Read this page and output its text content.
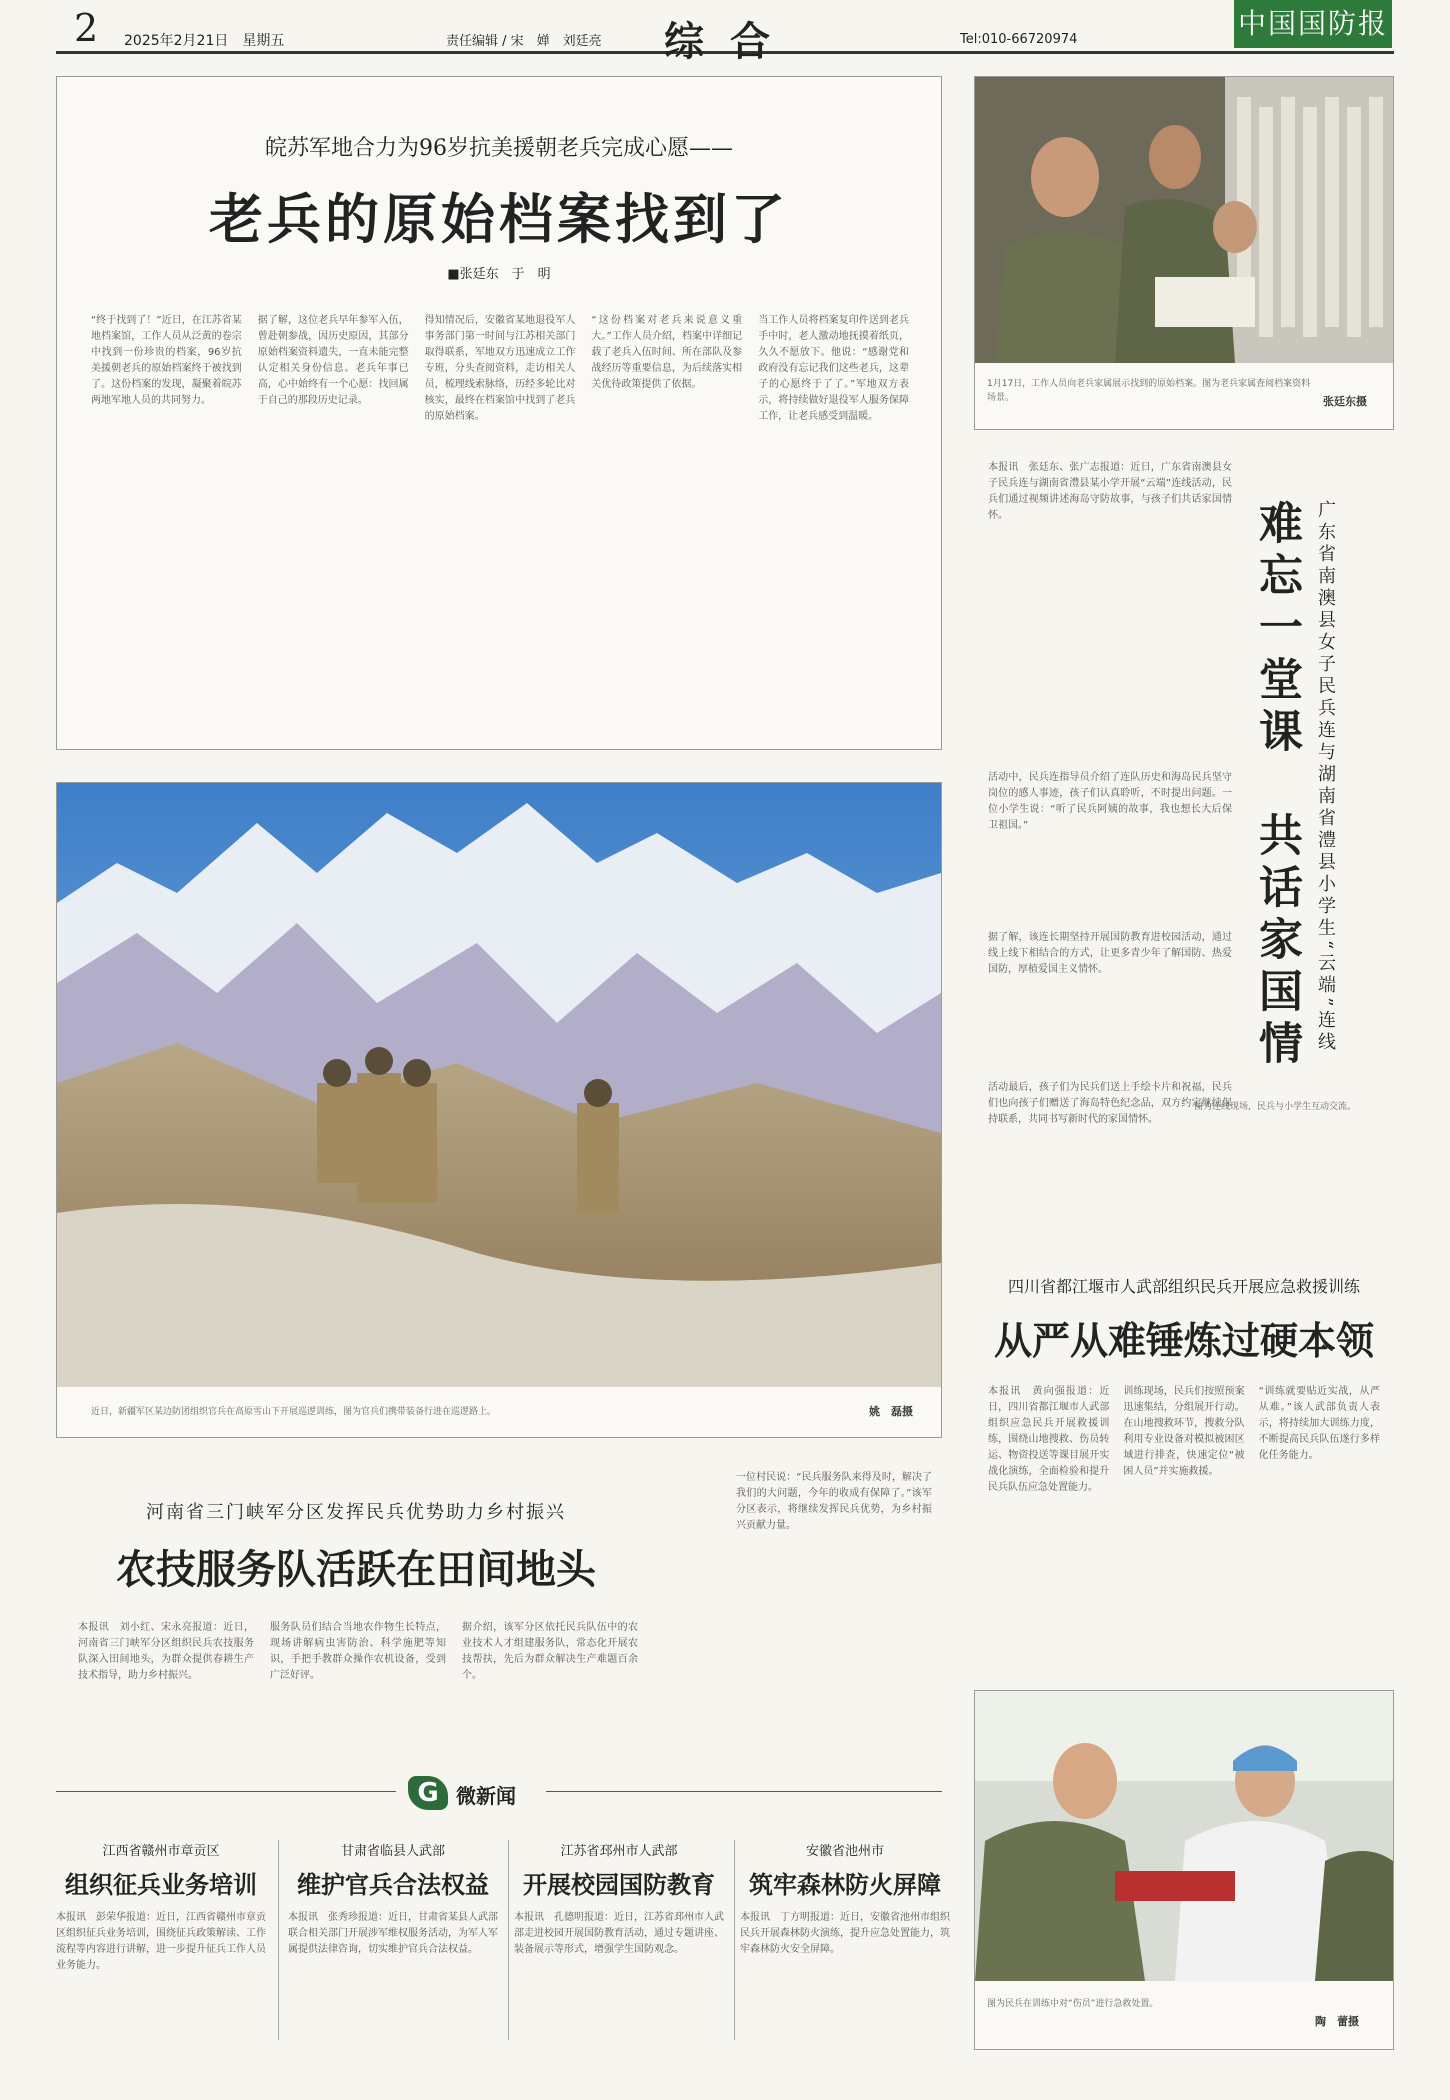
2 2025年2月21日　星期五	责任编辑 / 宋　婵　刘廷亮 综合	Tel:010-66720974	中国国防报
皖苏军地合力为96岁抗美援朝老兵完成心愿——
老兵的原始档案找到了
■张廷东　于　明
“终于找到了！”近日，在江苏省某地档案馆，工作人员从泛黄的卷宗中找到一份珍贵的档案，96岁抗美援朝老兵的原始档案终于被找到了。这份档案的发现，凝聚着皖苏两地军地人员的共同努力。
据了解，这位老兵早年参军入伍，曾赴朝参战，因历史原因，其部分原始档案资料遗失，一直未能完整认定相关身份信息。老兵年事已高，心中始终有一个心愿：找回属于自己的那段历史记录。
得知情况后，安徽省某地退役军人事务部门第一时间与江苏相关部门取得联系，军地双方迅速成立工作专班，分头查阅资料，走访相关人员，梳理线索脉络，历经多轮比对核实，最终在档案馆中找到了老兵的原始档案。
“这份档案对老兵来说意义重大。”工作人员介绍，档案中详细记载了老兵入伍时间、所在部队及参战经历等重要信息，为后续落实相关优待政策提供了依据。
当工作人员将档案复印件送到老兵手中时，老人激动地抚摸着纸页，久久不愿放下。他说：“感谢党和政府没有忘记我们这些老兵，这辈子的心愿终于了了。”军地双方表示，将持续做好退役军人服务保障工作，让老兵感受到温暖。
1月17日，工作人员向老兵家属展示找到的原始档案。图为老兵家属查阅档案资料场景。	张廷东摄
近日，新疆军区某边防团组织官兵在高原雪山下开展巡逻训练，图为官兵们携带装备行进在巡逻路上。	姚　磊摄
难忘一堂课　共话家国情 广东省南澳县女子民兵连与湖南省澧县小学生“云端”连线
本报讯　张廷东、张广志报道：近日，广东省南澳县女子民兵连与湖南省澧县某小学开展“云端”连线活动，民兵们通过视频讲述海岛守防故事，与孩子们共话家国情怀。
活动中，民兵连指导员介绍了连队历史和海岛民兵坚守岗位的感人事迹，孩子们认真聆听，不时提出问题。一位小学生说：“听了民兵阿姨的故事，我也想长大后保卫祖国。”
据了解，该连长期坚持开展国防教育进校园活动，通过线上线下相结合的方式，让更多青少年了解国防、热爱国防，厚植爱国主义情怀。
活动最后，孩子们为民兵们送上手绘卡片和祝福，民兵们也向孩子们赠送了海岛特色纪念品，双方约定继续保持联系，共同书写新时代的家国情怀。
图为连线现场，民兵与小学生互动交流。
四川省都江堰市人武部组织民兵开展应急救援训练
从严从难锤炼过硬本领
本报讯　黄向强报道：近日，四川省都江堰市人武部组织应急民兵开展救援训练，围绕山地搜救、伤员转运、物资投送等课目展开实战化演练，全面检验和提升民兵队伍应急处置能力。
训练现场，民兵们按照预案迅速集结，分组展开行动。在山地搜救环节，搜救分队利用专业设备对模拟被困区域进行排查，快速定位“被困人员”并实施救援。
“训练就要贴近实战，从严从难。”该人武部负责人表示，将持续加大训练力度，不断提高民兵队伍遂行多样化任务能力。
图为民兵在训练中对“伤员”进行急救处置。
陶　蕾摄
河南省三门峡军分区发挥民兵优势助力乡村振兴
农技服务队活跃在田间地头
本报讯　刘小红、宋永亮报道：近日，河南省三门峡军分区组织民兵农技服务队深入田间地头，为群众提供春耕生产技术指导，助力乡村振兴。
服务队员们结合当地农作物生长特点，现场讲解病虫害防治、科学施肥等知识，手把手教群众操作农机设备，受到广泛好评。
据介绍，该军分区依托民兵队伍中的农业技术人才组建服务队，常态化开展农技帮扶，先后为群众解决生产难题百余个。
一位村民说：“民兵服务队来得及时，解决了我们的大问题，今年的收成有保障了。”该军分区表示，将继续发挥民兵优势，为乡村振兴贡献力量。
G 微新闻
江西省赣州市章贡区
组织征兵业务培训
本报讯　彭荣华报道：近日，江西省赣州市章贡区组织征兵业务培训，围绕征兵政策解读、工作流程等内容进行讲解，进一步提升征兵工作人员业务能力。
甘肃省临县人武部
维护官兵合法权益
本报讯　张秀珍报道：近日，甘肃省某县人武部联合相关部门开展涉军维权服务活动，为军人军属提供法律咨询，切实维护官兵合法权益。
江苏省邳州市人武部
开展校园国防教育
本报讯　孔德明报道：近日，江苏省邳州市人武部走进校园开展国防教育活动，通过专题讲座、装备展示等形式，增强学生国防观念。
安徽省池州市
筑牢森林防火屏障
本报讯　丁方明报道：近日，安徽省池州市组织民兵开展森林防火演练，提升应急处置能力，筑牢森林防火安全屏障。
